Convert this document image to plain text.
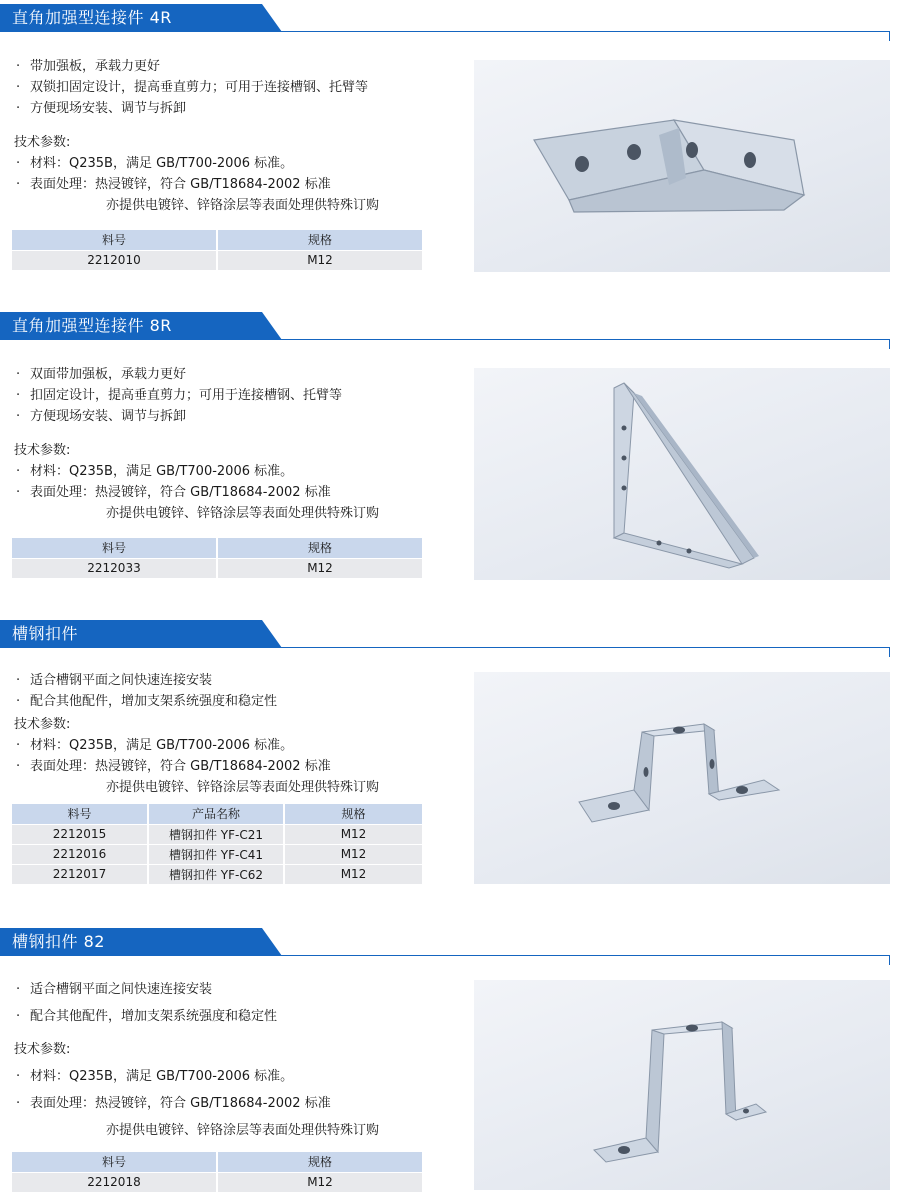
直角加强型连接件 4R
· 带加强板，承载力更好
· 双锁扣固定设计，提高垂直剪力；可用于连接槽钢、托臂等
· 方便现场安装、调节与拆卸
技术参数:
· 材料：Q235B，满足 GB/T700-2006 标准。
· 表面处理：热浸镀锌，符合 GB/T18684-2002 标准
亦提供电镀锌、锌铬涂层等表面处理供特殊订购
料号	规格
2212010	M12
直角加强型连接件 8R
· 双面带加强板，承载力更好
· 扣固定设计，提高垂直剪力；可用于连接槽钢、托臂等
· 方便现场安装、调节与拆卸
技术参数:
· 材料：Q235B，满足 GB/T700-2006 标准。
· 表面处理：热浸镀锌，符合 GB/T18684-2002 标准
亦提供电镀锌、锌铬涂层等表面处理供特殊订购
料号	规格
2212033	M12
槽钢扣件
· 适合槽钢平面之间快速连接安装
· 配合其他配件，增加支架系统强度和稳定性
技术参数:
· 材料：Q235B，满足 GB/T700-2006 标准。
· 表面处理：热浸镀锌，符合 GB/T18684-2002 标准
亦提供电镀锌、锌铬涂层等表面处理供特殊订购
料号	产品名称	规格
2212015	槽钢扣件 YF-C21	M12
2212016	槽钢扣件 YF-C41	M12
2212017	槽钢扣件 YF-C62	M12
槽钢扣件 82
· 适合槽钢平面之间快速连接安装
· 配合其他配件，增加支架系统强度和稳定性
技术参数:
· 材料：Q235B，满足 GB/T700-2006 标准。
· 表面处理：热浸镀锌，符合 GB/T18684-2002 标准
亦提供电镀锌、锌铬涂层等表面处理供特殊订购
料号	规格
2212018	M12
